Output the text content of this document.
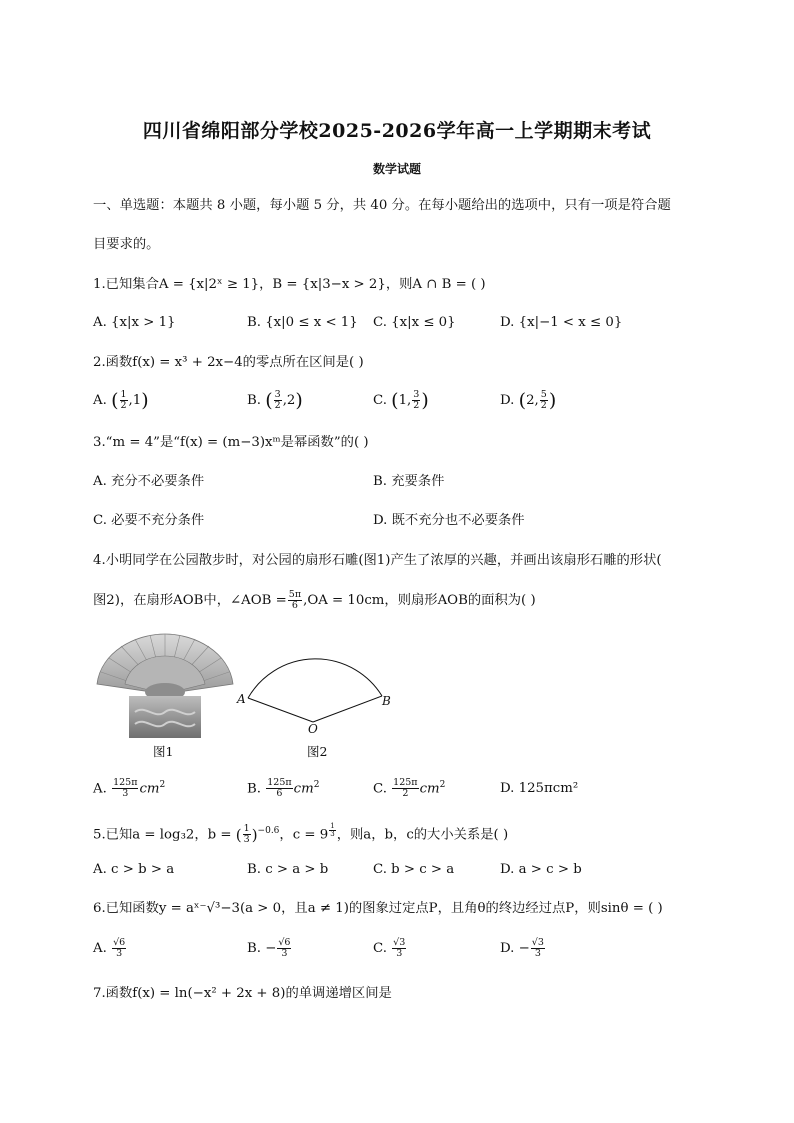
四川省绵阳部分学校2025-2026学年高一上学期期末考试
数学试题
一、单选题：本题共 8 小题，每小题 5 分，共 40 分。在每小题给出的选项中，只有一项是符合题
目要求的。
1.已知集合A = {x|2ˣ ≥ 1}，B = {x|3−x > 2}，则A ∩ B = ( )
A. {x|x > 1}	B. {x|0 ≤ x < 1} C. {x|x ≤ 0}	D. {x|−1 < x ≤ 0}
2.函数f(x) = x³ + 2x−4的零点所在区间是( )
A. ( $\frac{1}{2} ,1$)	B. ( $\frac{3}{2} ,2$)	C. (1, $\frac{3}{2}$ )	D. (2, $\frac{5}{2}$ )
3.“m = 4”是“f(x) = (m−3)xᵐ是幂函数”的( )
A. 充分不必要条件	B. 充要条件
C. 必要不充分条件	D. 既不充分也不必要条件
4.小明同学在公园散步时，对公园的扇形石雕(图1)产生了浓厚的兴趣，并画出该扇形石雕的形状(
图2)，在扇形AOB中，∠AOB = $\frac{5\pi}{6} ,OA = 10cm$，则扇形AOB的面积为( )
图1
A	B
O
图2
A. $\frac{125\pi}{3} cm^2$	B. $\frac{125\pi}{6} cm^2$	C. $\frac{125\pi}{2} cm^2$	D. 125πcm²
5.已知a = log₃2，b = ( $\frac{1}{3} )^{-0.6}$，c = 9 $^{\frac{1}{3}}$ ，则a，b，c的大小关系是( )
A. c > b > a	B. c > a > b	C. b > c > a	D. a > c > b
6.已知函数y = aˣ⁻√³−3(a > 0，且a ≠ 1)的图象过定点P，且角θ的终边经过点P，则sinθ = ( )
A. $\frac{√6}{3}$	B. − $\frac{√6}{3}$	C. $\frac{√3}{3}$	D. − $\frac{√3}{3}$
7.函数f(x) = ln(−x² + 2x + 8)的单调递增区间是
